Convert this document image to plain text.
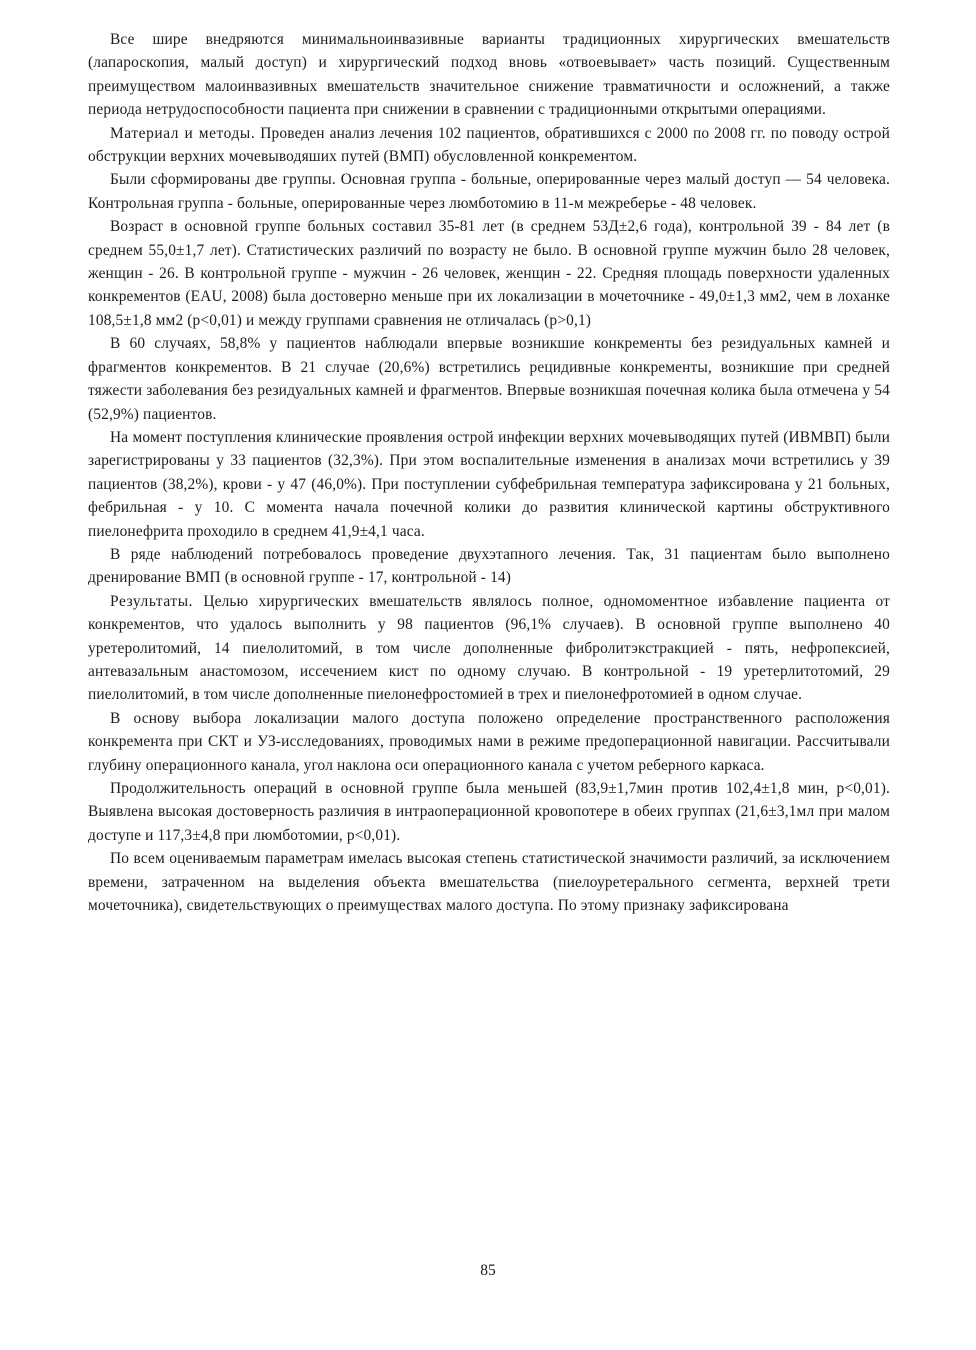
Все шире внедряются минимальноинвазивные варианты традиционных хирургических вмешательств (лапароскопия, малый доступ) и хирургический подход вновь «отвоевывает» часть позиций. Существенным преимуществом малоинвазивных вмешательств значительное снижение травматичности и осложнений, а также периода нетрудоспособности пациента при снижении в сравнении с традиционными открытыми операциями.

Материал и методы. Проведен анализ лечения 102 пациентов, обратившихся с 2000 по 2008 гг. по поводу острой обструкции верхних мочевыводяших путей (ВМП) обусловленной конкрементом.

Были сформированы две группы. Основная группа - больные, оперированные через малый доступ — 54 человека. Контрольная группа - больные, оперированные через люмботомию в 11-м межреберье - 48 человек.

Возраст в основной группе больных составил 35-81 лет (в среднем 53Д±2,6 года), контрольной 39 - 84 лет (в среднем 55,0±1,7 лет). Статистических различий по возрасту не было. В основной группе мужчин было 28 человек, женщин - 26. В контрольной группе - мужчин - 26 человек, женщин - 22. Средняя площадь поверхности удаленных конкрементов (EAU, 2008) была достоверно меньше при их локализации в мочеточнике - 49,0±1,3 мм2, чем в лоханке 108,5±1,8 мм2 (p<0,01) и между группами сравнения не отличалась (p>0,1)

В 60 случаях, 58,8% у пациентов наблюдали впервые возникшие конкременты без резидуальных камней и фрагментов конкрементов. В 21 случае (20,6%) встретились рецидивные конкременты, возникшие при средней тяжести заболевания без резидуальных камней и фрагментов. Впервые возникшая почечная колика была отмечена у 54 (52,9%) пациентов.

На момент поступления клинические проявления острой инфекции верхних мочевыводящих путей (ИВМВП) были зарегистрированы у 33 пациентов (32,3%). При этом воспалительные изменения в анализах мочи встретились у 39 пациентов (38,2%), крови - у 47 (46,0%). При поступлении субфебрильная температура зафиксирована у 21 больных, фебрильная - у 10. С момента начала почечной колики до развития клинической картины обструктивного пиелонефрита проходило в среднем 41,9±4,1 часа.

В ряде наблюдений потребовалось проведение двухэтапного лечения. Так, 31 пациентам было выполнено дренирование ВМП (в основной группе - 17, контрольной - 14)

Результаты. Целью хирургических вмешательств являлось полное, одномоментное избавление пациента от конкрементов, что удалось выполнить у 98 пациентов (96,1% случаев). В основной группе выполнено 40 уретеролитомий, 14 пиелолитомий, в том числе дополненные фибролитэкстракцией - пять, нефропексией, антевазальным анастомозом, иссечением кист по одному случаю. В контрольной - 19 уретерлитотомий, 29 пиелолитомий, в том числе дополненные пиелонефростомией в трех и пиелонефротомией в одном случае.

В основу выбора локализации малого доступа положено определение пространственного расположения конкремента при СКТ и УЗ-исследованиях, проводимых нами в режиме предоперационной навигации. Рассчитывали глубину операционного канала, угол наклона оси операционного канала с учетом реберного каркаса.

Продолжительность операций в основной группе была меньшей (83,9±1,7мин против 102,4±1,8 мин, p<0,01). Выявлена высокая достоверность различия в интраоперационной кровопотере в обеих группах (21,6±3,1мл при малом доступе и 117,3±4,8 при люмботомии, p<0,01).

По всем оцениваемым параметрам имелась высокая степень статистической значимости различий, за исключением времени, затраченном на выделения объекта вмешательства (пиелоуретерального сегмента, верхней трети мочеточника), свидетельствующих о преимуществах малого доступа. По этому признаку зафиксирована

85
